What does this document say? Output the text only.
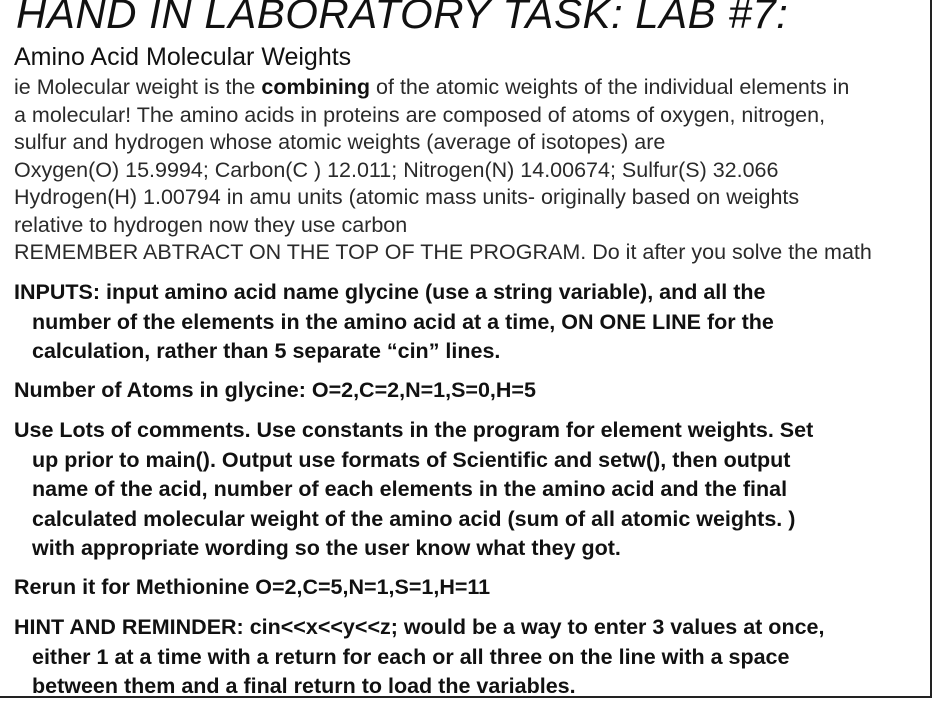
HAND IN LABORATORY TASK: LAB #7:
Amino Acid Molecular Weights
ie Molecular weight is the combining of the atomic weights of the individual elements in
a molecular! The amino acids in proteins are composed of atoms of oxygen, nitrogen,
sulfur and hydrogen whose atomic weights (average of isotopes) are
Oxygen(O) 15.9994; Carbon(C ) 12.011; Nitrogen(N) 14.00674; Sulfur(S) 32.066
Hydrogen(H) 1.00794 in amu units (atomic mass units- originally based on weights
relative to hydrogen now they use carbon
REMEMBER ABTRACT ON THE TOP OF THE PROGRAM. Do it after you solve the math
INPUTS: input amino acid name glycine (use a string variable), and all the
number of the elements in the amino acid at a time, ON ONE LINE for the
calculation, rather than 5 separate “cin” lines.
Number of Atoms in glycine: O=2,C=2,N=1,S=0,H=5
Use Lots of comments. Use constants in the program for element weights. Set
up prior to main(). Output use formats of Scientific and setw(), then output
name of the acid, number of each elements in the amino acid and the final
calculated molecular weight of the amino acid (sum of all atomic weights. )
with appropriate wording so the user know what they got.
Rerun it for Methionine O=2,C=5,N=1,S=1,H=11
HINT AND REMINDER: cin<<x<<y<<z; would be a way to enter 3 values at once,
either 1 at a time with a return for each or all three on the line with a space
between them and a final return to load the variables.
